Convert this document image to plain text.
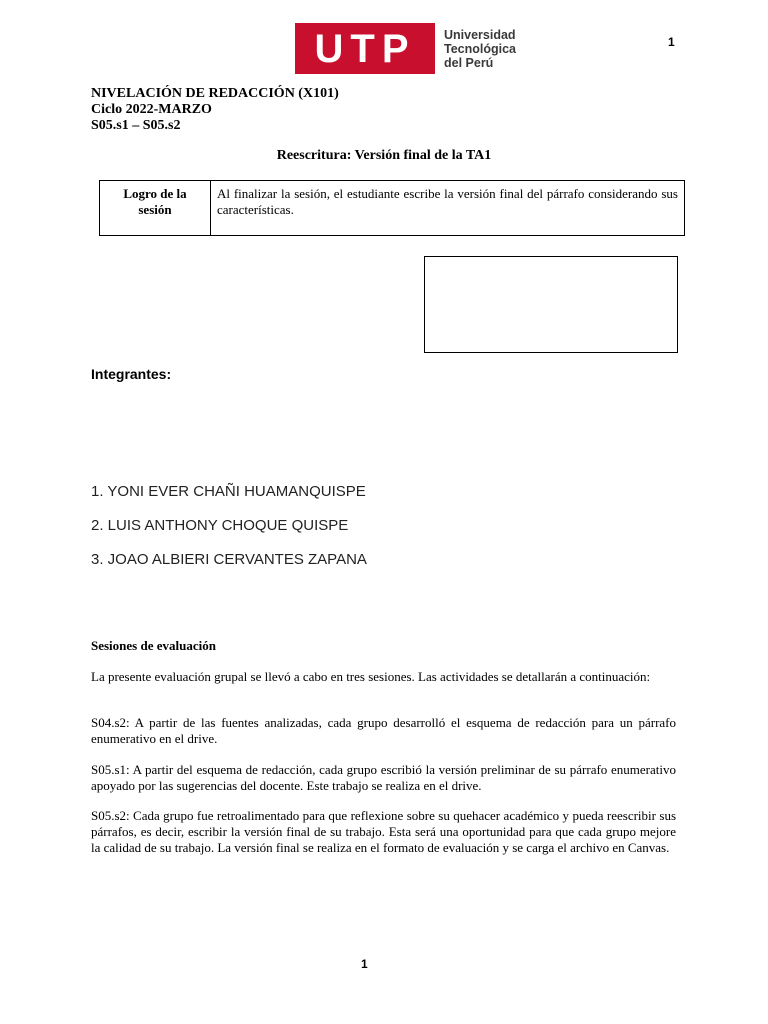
UTP Universidad
Tecnológica
del Perú
1
NIVELACIÓN DE REDACCIÓN (X101)
Ciclo 2022-MARZO
S05.s1 – S05.s2
Reescritura: Versión final de la TA1
Logro de la sesión	Al finalizar la sesión, el estudiante escribe la versión final del párrafo considerando sus características.
Integrantes:
1. YONI EVER CHAÑI HUAMANQUISPE
2. LUIS ANTHONY CHOQUE QUISPE
3. JOAO ALBIERI CERVANTES ZAPANA
Sesiones de evaluación
La presente evaluación grupal se llevó a cabo en tres sesiones. Las actividades se detallarán a continuación:
S04.s2: A partir de las fuentes analizadas, cada grupo desarrolló el esquema de redacción para un párrafo enumerativo en el drive.
S05.s1: A partir del esquema de redacción, cada grupo escribió la versión preliminar de su párrafo enumerativo apoyado por las sugerencias del docente. Este trabajo se realiza en el drive.
S05.s2: Cada grupo fue retroalimentado para que reflexione sobre su quehacer académico y pueda reescribir sus párrafos, es decir, escribir la versión final de su trabajo. Esta será una oportunidad para que cada grupo mejore la calidad de su trabajo. La versión final se realiza en el formato de evaluación y se carga el archivo en Canvas.
1
